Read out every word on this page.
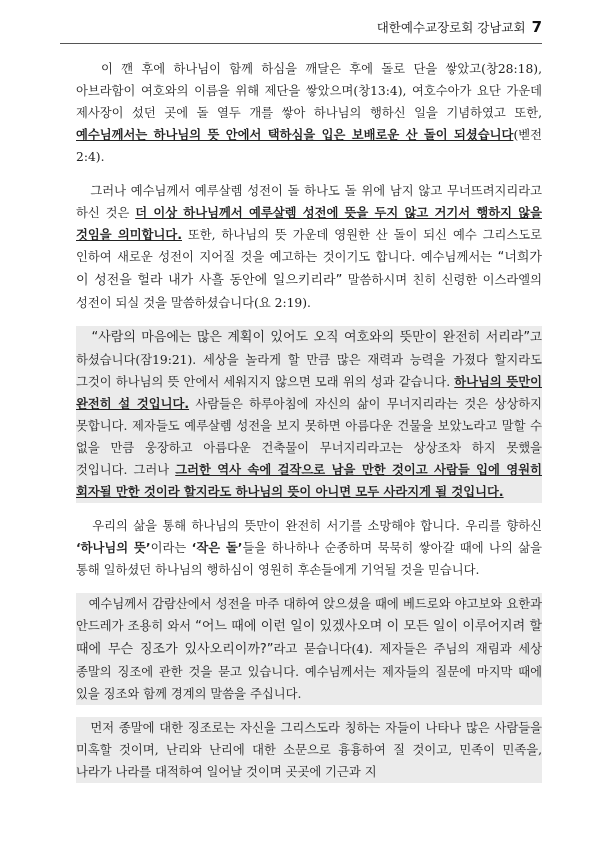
대한예수교장로회 강남교회 7

이 깬 후에 하나님이 함께 하심을 깨달은 후에 돌로 단을 쌓았고(창28:18), 아브라함이 여호와의 이름을 위해 제단을 쌓았으며(창13:4), 여호수아가 요단 가운데 제사장이 섰던 곳에 돌 열두 개를 쌓아 하나님의 행하신 일을 기념하였고 또한, 예수님께서는 하나님의 뜻 안에서 택하심을 입은 보배로운 산 돌이 되셨습니다(벧전 2:4).

그러나 예수님께서 예루살렘 성전이 돌 하나도 돌 위에 남지 않고 무너뜨려지리라고 하신 것은 더 이상 하나님께서 예루살렘 성전에 뜻을 두지 않고 거기서 행하지 않을 것임을 의미합니다. 또한, 하나님의 뜻 가운데 영원한 산 돌이 되신 예수 그리스도로 인하여 새로운 성전이 지어질 것을 예고하는 것이기도 합니다. 예수님께서는 “너희가 이 성전을 헐라 내가 사흘 동안에 일으키리라” 말씀하시며 친히 신령한 이스라엘의 성전이 되실 것을 말씀하셨습니다(요 2:19).

“사람의 마음에는 많은 계획이 있어도 오직 여호와의 뜻만이 완전히 서리라”고 하셨습니다(잠19:21). 세상을 놀라게 할 만큼 많은 재력과 능력을 가졌다 할지라도 그것이 하나님의 뜻 안에서 세워지지 않으면 모래 위의 성과 같습니다. 하나님의 뜻만이 완전히 설 것입니다. 사람들은 하루아침에 자신의 삶이 무너지리라는 것은 상상하지 못합니다. 제자들도 예루살렘 성전을 보지 못하면 아름다운 건물을 보았노라고 말할 수 없을 만큼 웅장하고 아름다운 건축물이 무너지리라고는 상상조차 하지 못했을 것입니다. 그러나 그러한 역사 속에 걸작으로 남을 만한 것이고 사람들 입에 영원히 회자될 만한 것이라 할지라도 하나님의 뜻이 아니면 모두 사라지게 될 것입니다.

우리의 삶을 통해 하나님의 뜻만이 완전히 서기를 소망해야 합니다. 우리를 향하신 ‘하나님의 뜻’이라는 ‘작은 돌’들을 하나하나 순종하며 묵묵히 쌓아갈 때에 나의 삶을 통해 일하셨던 하나님의 행하심이 영원히 후손들에게 기억될 것을 믿습니다.

예수님께서 감람산에서 성전을 마주 대하여 앉으셨을 때에 베드로와 야고보와 요한과 안드레가 조용히 와서 “어느 때에 이런 일이 있겠사오며 이 모든 일이 이루어지려 할 때에 무슨 징조가 있사오리이까?”라고 묻습니다(4). 제자들은 주님의 재림과 세상 종말의 징조에 관한 것을 묻고 있습니다. 예수님께서는 제자들의 질문에 마지막 때에 있을 징조와 함께 경계의 말씀을 주십니다.

먼저 종말에 대한 징조로는 자신을 그리스도라 칭하는 자들이 나타나 많은 사람들을 미혹할 것이며, 난리와 난리에 대한 소문으로 흉흉하여 질 것이고, 민족이 민족을, 나라가 나라를 대적하여 일어날 것이며 곳곳에 기근과 지
